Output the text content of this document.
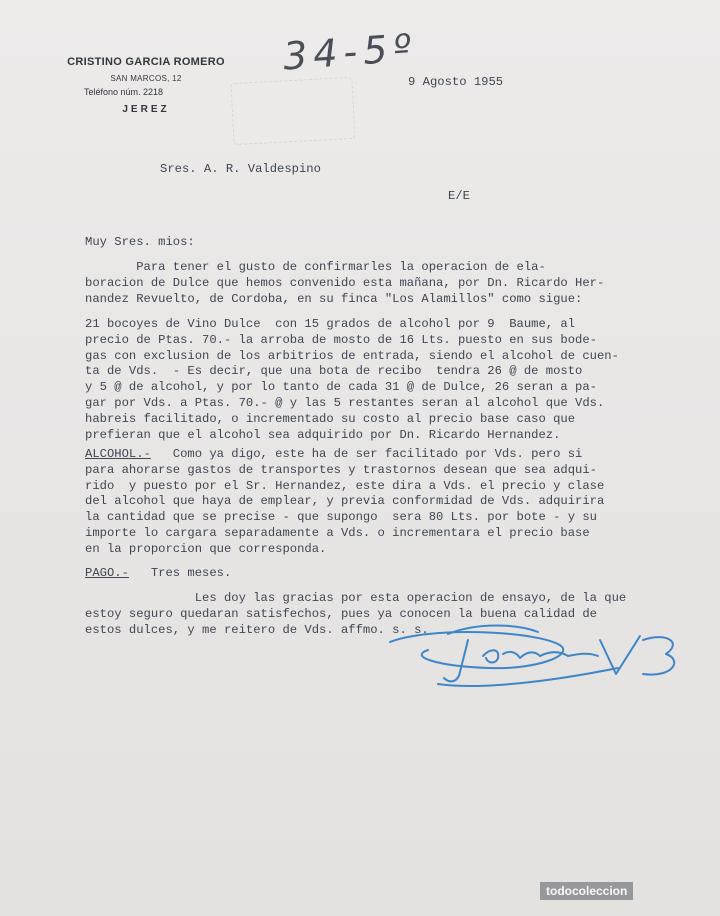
CRISTINO GARCIA ROMERO
SAN MARCOS, 12
Teléfono núm. 2218
JEREZ
34-5º
9 Agosto 1955
Sres. A. R. Valdespino
E/E
Muy Sres. mios:
Para tener el gusto de confirmarles la operacion de ela-
boracion de Dulce que hemos convenido esta mañana, por Dn. Ricardo Her-
nandez Revuelto, de Cordoba, en su finca "Los Alamillos" como sigue:
21 bocoyes de Vino Dulce  con 15 grados de alcohol por 9  Baume, al
precio de Ptas. 70.- la arroba de mosto de 16 Lts. puesto en sus bode-
gas con exclusion de los arbitrios de entrada, siendo el alcohol de cuen-
ta de Vds.  - Es decir, que una bota de recibo  tendra 26 @ de mosto
y 5 @ de alcohol, y por lo tanto de cada 31 @ de Dulce, 26 seran a pa-
gar por Vds. a Ptas. 70.- @ y las 5 restantes seran al alcohol que Vds.
habreis facilitado, o incrementado su costo al precio base caso que
prefieran que el alcohol sea adquirido por Dn. Ricardo Hernandez.
ALCOHOL.-   Como ya digo, este ha de ser facilitado por Vds. pero si
para ahorarse gastos de transportes y trastornos desean que sea adqui-
rido  y puesto por el Sr. Hernandez, este dira a Vds. el precio y clase
del alcohol que haya de emplear, y previa conformidad de Vds. adquirira
la cantidad que se precise - que supongo  sera 80 Lts. por bote - y su
importe lo cargara separadamente a Vds. o incrementara el precio base
en la proporcion que corresponda.
PAGO.-   Tres meses.
Les doy las gracias por esta operacion de ensayo, de la que
estoy seguro quedaran satisfechos, pues ya conocen la buena calidad de
estos dulces, y me reitero de Vds. affmo. s. s.
todocoleccion
